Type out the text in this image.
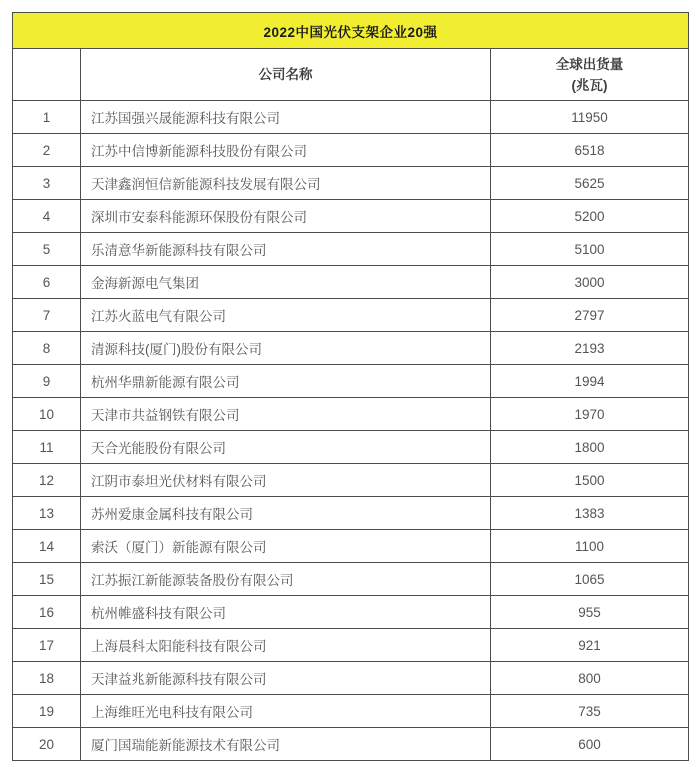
2022中国光伏支架企业20强		
	公司名称	全球出货量
(兆瓦)

1	江苏国强兴晟能源科技有限公司	11950
2	江苏中信博新能源科技股份有限公司	6518
3	天津鑫润恒信新能源科技发展有限公司	5625
4	深圳市安泰科能源环保股份有限公司	5200
5	乐清意华新能源科技有限公司	5100
6	金海新源电气集团	3000
7	江苏火蓝电气有限公司	2797
8	清源科技(厦门)股份有限公司	2193
9	杭州华鼎新能源有限公司	1994
10	天津市共益钢铁有限公司	1970
11	天合光能股份有限公司	1800
12	江阴市泰坦光伏材料有限公司	1500
13	苏州爱康金属科技有限公司	1383
14	索沃（厦门）新能源有限公司	1100
15	江苏振江新能源装备股份有限公司	1065
16	杭州帷盛科技有限公司	955
17	上海晨科太阳能科技有限公司	921
18	天津益兆新能源科技有限公司	800
19	上海维旺光电科技有限公司	735
20	厦门国瑞能新能源技术有限公司	600
